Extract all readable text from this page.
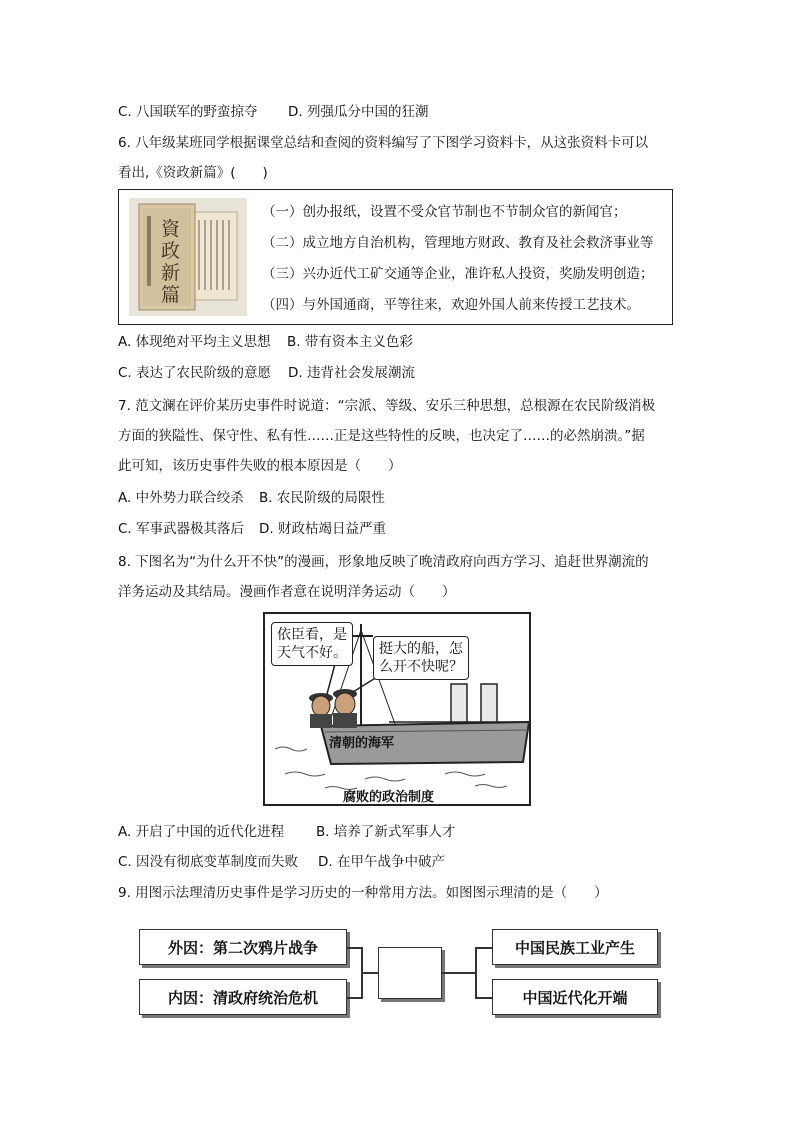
C. 八国联军的野蛮掠夺 D. 列强瓜分中国的狂潮
6. 八年级某班同学根据课堂总结和查阅的资料编写了下图学习资料卡，从这张资料卡可以
看出,《资政新篇》(　　)
資
政
新
篇
（一）创办报纸，设置不受众官节制也不节制众官的新闻官；
（二）成立地方自治机构，管理地方财政、教育及社会救济事业等
（三）兴办近代工矿交通等企业，准许私人投资，奖励发明创造；
（四）与外国通商，平等往来，欢迎外国人前来传授工艺技术。
A. 体现绝对平均主义思想 B. 带有资本主义色彩
C. 表达了农民阶级的意愿 D. 违背社会发展潮流
7. 范文澜在评价某历史事件时说道：“宗派、等级、安乐三种思想，总根源在农民阶级消极
方面的狭隘性、保守性、私有性……正是这些特性的反映，也决定了……的必然崩溃。”据
此可知，该历史事件失败的根本原因是（　　）
A. 中外势力联合绞杀 B. 农民阶级的局限性
C. 军事武器极其落后 D. 财政枯竭日益严重
8. 下图名为“为什么开不快”的漫画，形象地反映了晚清政府向西方学习、追赶世界潮流的
洋务运动及其结局。漫画作者意在说明洋务运动（　　）
依臣看，是
天气不好。	挺大的船，怎
么开不快呢？
清朝的海军
腐败的政治制度
A. 开启了中国的近代化进程 B. 培养了新式军事人才
C. 因没有彻底变革制度而失败 D. 在甲午战争中破产
9. 用图示法理清历史事件是学习历史的一种常用方法。如图图示理清的是（　　）
外因：第二次鸦片战争
内因：清政府统治危机
中国民族工业产生
中国近代化开端
